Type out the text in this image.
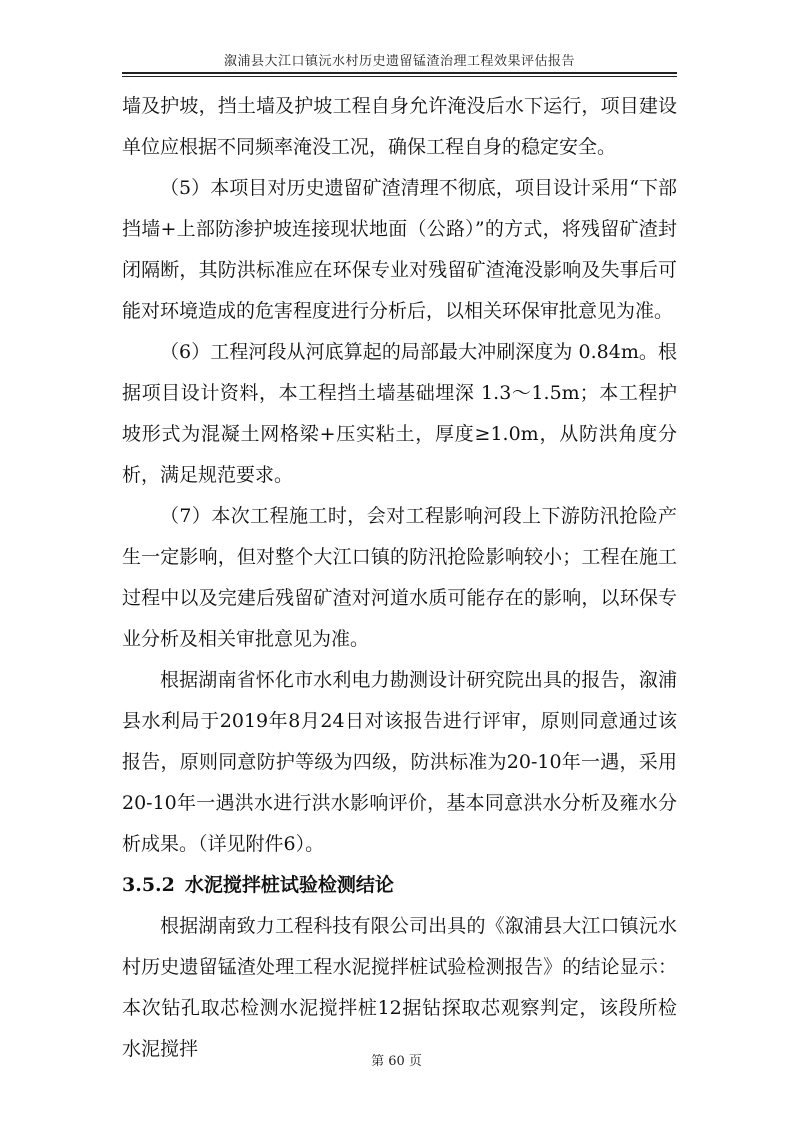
溆浦县大江口镇沅水村历史遗留锰渣治理工程效果评估报告

墙及护坡，挡土墙及护坡工程自身允许淹没后水下运行，项目建设单位应根据不同频率淹没工况，确保工程自身的稳定安全。

（5）本项目对历史遗留矿渣清理不彻底，项目设计采用“下部挡墙+上部防渗护坡连接现状地面（公路）”的方式，将残留矿渣封闭隔断，其防洪标准应在环保专业对残留矿渣淹没影响及失事后可能对环境造成的危害程度进行分析后，以相关环保审批意见为准。

（6）工程河段从河底算起的局部最大冲刷深度为 0.84m。根据项目设计资料，本工程挡土墙基础埋深 1.3～1.5m；本工程护坡形式为混凝土网格梁+压实粘土，厚度≥1.0m，从防洪角度分析，满足规范要求。

（7）本次工程施工时，会对工程影响河段上下游防汛抢险产生一定影响，但对整个大江口镇的防汛抢险影响较小；工程在施工过程中以及完建后残留矿渣对河道水质可能存在的影响，以环保专业分析及相关审批意见为准。

根据湖南省怀化市水利电力勘测设计研究院出具的报告，溆浦县水利局于2019年8月24日对该报告进行评审，原则同意通过该报告，原则同意防护等级为四级，防洪标准为20-10年一遇，采用20-10年一遇洪水进行洪水影响评价，基本同意洪水分析及雍水分析成果。（详见附件6）。

3.5.2 水泥搅拌桩试验检测结论

根据湖南致力工程科技有限公司出具的《溆浦县大江口镇沅水村历史遗留锰渣处理工程水泥搅拌桩试验检测报告》的结论显示：本次钻孔取芯检测水泥搅拌桩12据钻探取芯观察判定，该段所检水泥搅拌

第 60 页
